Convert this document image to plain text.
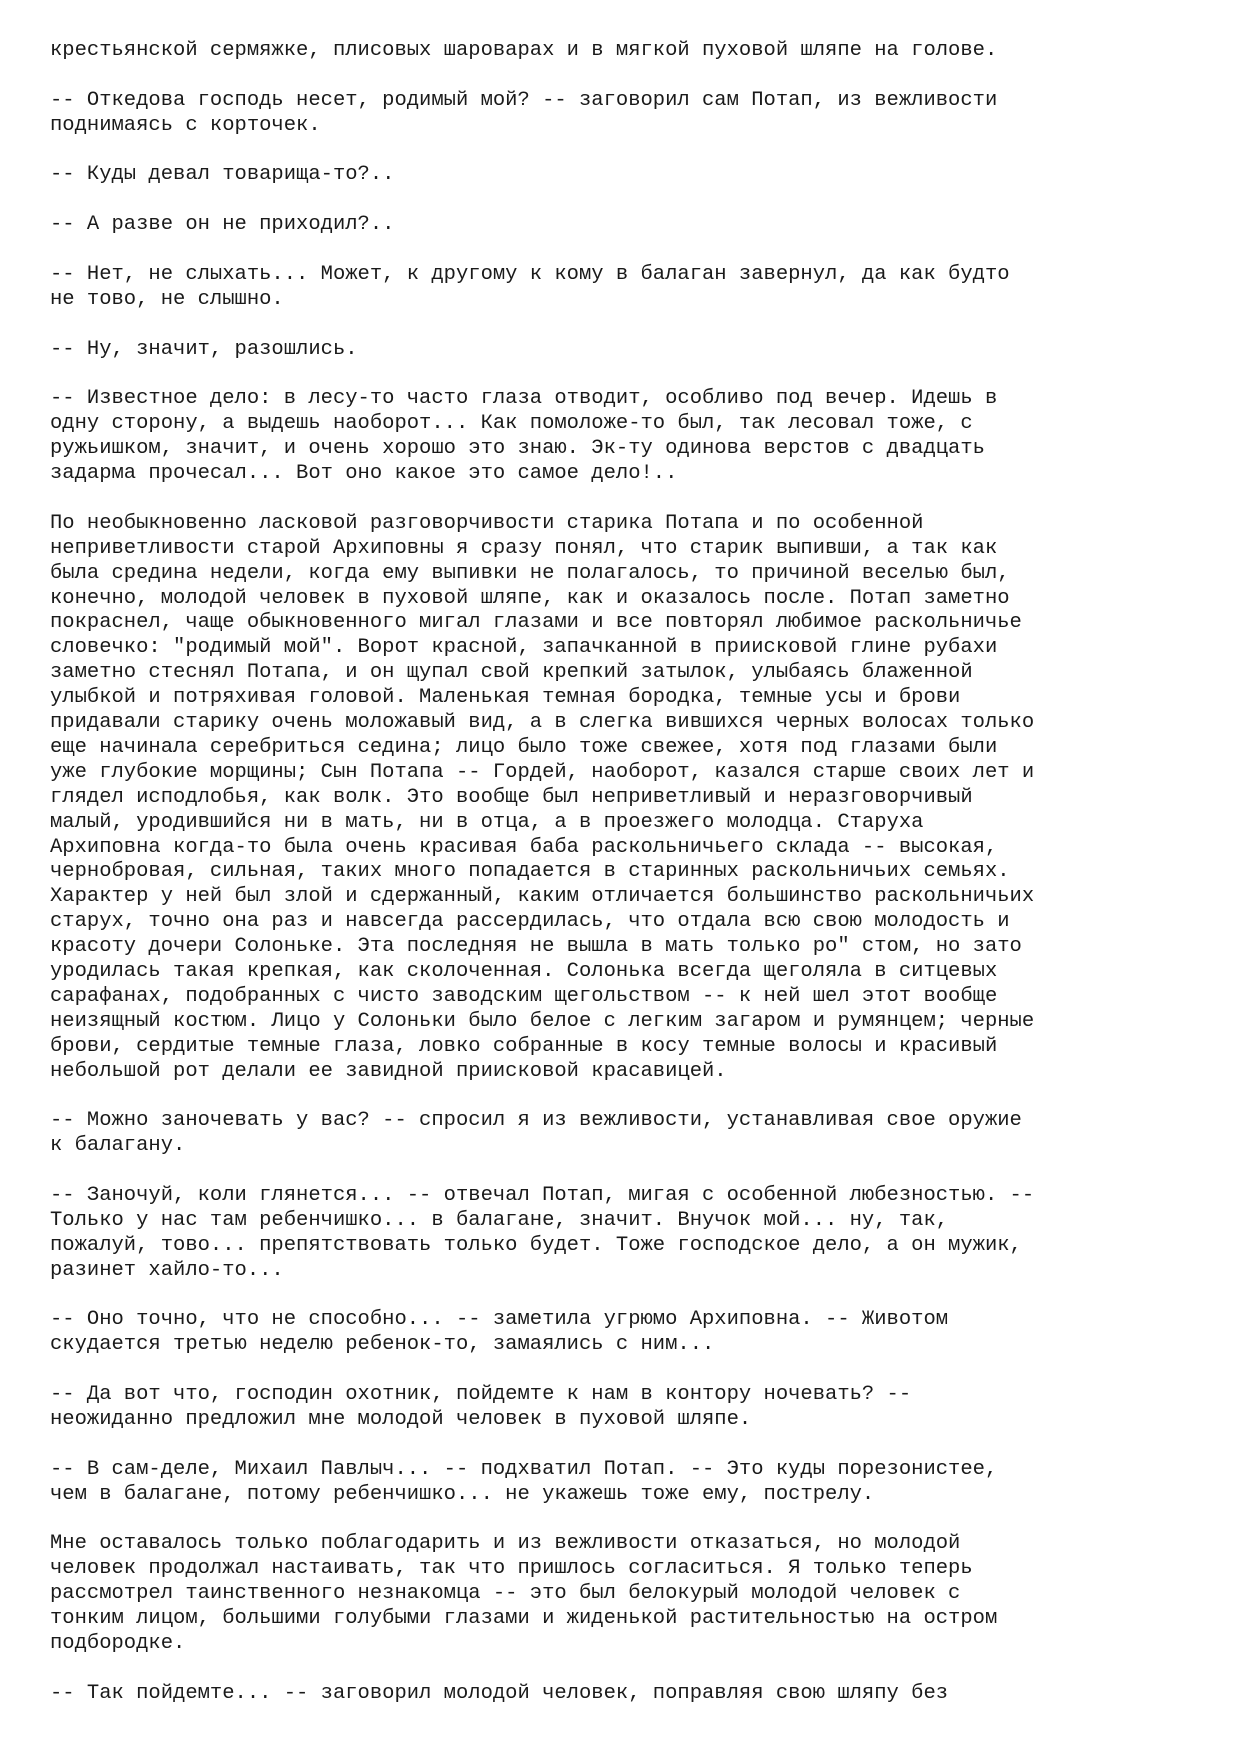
крестьянской сермяжке, плисовых шароварах и в мягкой пуховой шляпе на голове.
-- Откедова господь несет, родимый мой? -- заговорил сам Потап, из вежливости
поднимаясь с корточек.
-- Куды девал товарища-то?..
-- А разве он не приходил?..
-- Нет, не слыхать... Может, к другому к кому в балаган завернул, да как будто
не тово, не слышно.
-- Ну, значит, разошлись.
-- Известное дело: в лесу-то часто глаза отводит, особливо под вечер. Идешь в
одну сторону, а выдешь наоборот... Как помоложе-то был, так лесовал тоже, с
ружьишком, значит, и очень хорошо это знаю. Эк-ту одинова верстов с двадцать
задарма прочесал... Вот оно какое это самое дело!..
По необыкновенно ласковой разговорчивости старика Потапа и по особенной
неприветливости старой Архиповны я сразу понял, что старик выпивши, а так как
была средина недели, когда ему выпивки не полагалось, то причиной веселью был,
конечно, молодой человек в пуховой шляпе, как и оказалось после. Потап заметно
покраснел, чаще обыкновенного мигал глазами и все повторял любимое раскольничье
словечко: "родимый мой". Ворот красной, запачканной в приисковой глине рубахи
заметно стеснял Потапа, и он щупал свой крепкий затылок, улыбаясь блаженной
улыбкой и потряхивая головой. Маленькая темная бородка, темные усы и брови
придавали старику очень моложавый вид, а в слегка вившихся черных волосах только
еще начинала серебриться седина; лицо было тоже свежее, хотя под глазами были
уже глубокие морщины; Сын Потапа -- Гордей, наоборот, казался старше своих лет и
глядел исподлобья, как волк. Это вообще был неприветливый и неразговорчивый
малый, уродившийся ни в мать, ни в отца, а в проезжего молодца. Старуха
Архиповна когда-то была очень красивая баба раскольничьего склада -- высокая,
чернобровая, сильная, таких много попадается в старинных раскольничьих семьях.
Характер у ней был злой и сдержанный, каким отличается большинство раскольничьих
старух, точно она раз и навсегда рассердилась, что отдала всю свою молодость и
красоту дочери Солоньке. Эта последняя не вышла в мать только ро" стом, но зато
уродилась такая крепкая, как сколоченная. Солонька всегда щеголяла в ситцевых
сарафанах, подобранных с чисто заводским щегольством -- к ней шел этот вообще
неизящный костюм. Лицо у Солоньки было белое с легким загаром и румянцем; черные
брови, сердитые темные глаза, ловко собранные в косу темные волосы и красивый
небольшой рот делали ее завидной приисковой красавицей.
-- Можно заночевать у вас? -- спросил я из вежливости, устанавливая свое оружие
к балагану.
-- Заночуй, коли глянется... -- отвечал Потап, мигая с особенной любезностью. --
Только у нас там ребенчишко... в балагане, значит. Внучок мой... ну, так,
пожалуй, тово... препятствовать только будет. Тоже господское дело, а он мужик,
разинет хайло-то...
-- Оно точно, что не способно... -- заметила угрюмо Архиповна. -- Животом
скудается третью неделю ребенок-то, замаялись с ним...
-- Да вот что, господин охотник, пойдемте к нам в контору ночевать? --
неожиданно предложил мне молодой человек в пуховой шляпе.
-- В сам-деле, Михаил Павлыч... -- подхватил Потап. -- Это куды порезонистее,
чем в балагане, потому ребенчишко... не укажешь тоже ему, пострелу.
Мне оставалось только поблагодарить и из вежливости отказаться, но молодой
человек продолжал настаивать, так что пришлось согласиться. Я только теперь
рассмотрел таинственного незнакомца -- это был белокурый молодой человек с
тонким лицом, большими голубыми глазами и жиденькой растительностью на остром
подбородке.
-- Так пойдемте... -- заговорил молодой человек, поправляя свою шляпу без
